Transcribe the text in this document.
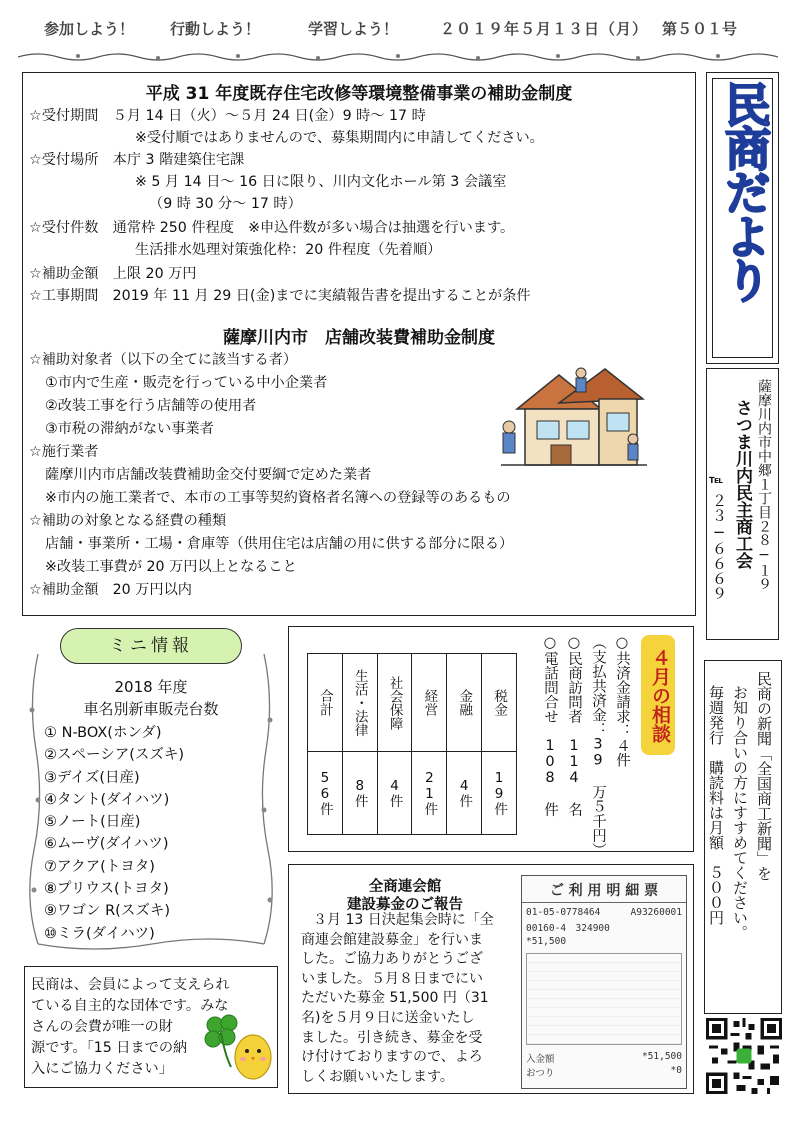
参加しよう！ 行動しよう！	学習しよう！	２０１９年５月１３日（月） 第５０１号
平成 31 年度既存住宅改修等環境整備事業の補助金制度
☆受付期間　５月 14 日（火）～５月 24 日(金）9 時～ 17 時
※受付順ではありませんので、募集期間内に申請してください。
☆受付場所　本庁 3 階建築住宅課
※ 5 月 14 日～ 16 日に限り、川内文化ホール第 3 会議室
（9 時 30 分～ 17 時）
☆受付件数　通常枠 250 件程度　※申込件数が多い場合は抽選を行います。
生活排水処理対策強化枠：20 件程度（先着順）
☆補助金額　上限 20 万円
☆工事期間　2019 年 11 月 29 日(金)までに実績報告書を提出することが条件
薩摩川内市　店舗改装費補助金制度
☆補助対象者（以下の全てに該当する者）
①市内で生産・販売を行っている中小企業者
②改装工事を行う店舗等の使用者
③市税の滞納がない事業者
☆施行業者
薩摩川内市店舗改装費補助金交付要綱で定めた業者
※市内の施工業者で、本市の工事等契約資格者名簿への登録等のあるもの
☆補助の対象となる経費の種類
店舗・事業所・工場・倉庫等（供用住宅は店舗の用に供する部分に限る）
※改装工事費が 20 万円以上となること
☆補助金額　20 万円以内
民商だより
薩摩川内市中郷１丁目２８−１９
さつま川内民主商工会
℡
２３−６６６９
ミニ情報
2018 年度
車名別新車販売台数
① N-BOX(ホンダ)
②スペーシア(スズキ)
③デイズ(日産)
④タント(ダイハツ)
⑤ノート(日産)
⑥ムーヴ(ダイハツ)
⑦アクア(トヨタ)
⑧プリウス(トヨタ)
⑨ワゴン R(スズキ)
⑩ミラ(ダイハツ)
４月の相談
○共済金請求：４件
（支払共済金：39 万５千円）
○民商訪問者　114 名
○電話問合せ　108 件
合計	生活・法律	社会保障	経営	金融	税金

56件	8件	4件	21件	4件	19件
全商連会館
建設募金のご報告
３月 13 日決起集会時に「全
商連会館建設募金」を行いま
した。ご協力ありがとうござ
いました。５月８日までにい
ただいた募金 51,500 円（31
名)を５月９日に送金いたし
ました。引き続き、募金を受
け付けておりますので、よろ
しくお願いいたします。
ご 利 用 明 細 票
01-05-0778464	A93260001
00160-4　324900
*51,500
入金額	*51,500
おつり	*0
民商の新聞「全国商工新聞」を
お知り合いの方にすすめてください。
毎週発行　購読料は月額　５００円
民商は、会員によって支えられ
ている自主的な団体です。みな
さんの会費が唯一の財
源です。「15 日までの納
入にご協力ください」
